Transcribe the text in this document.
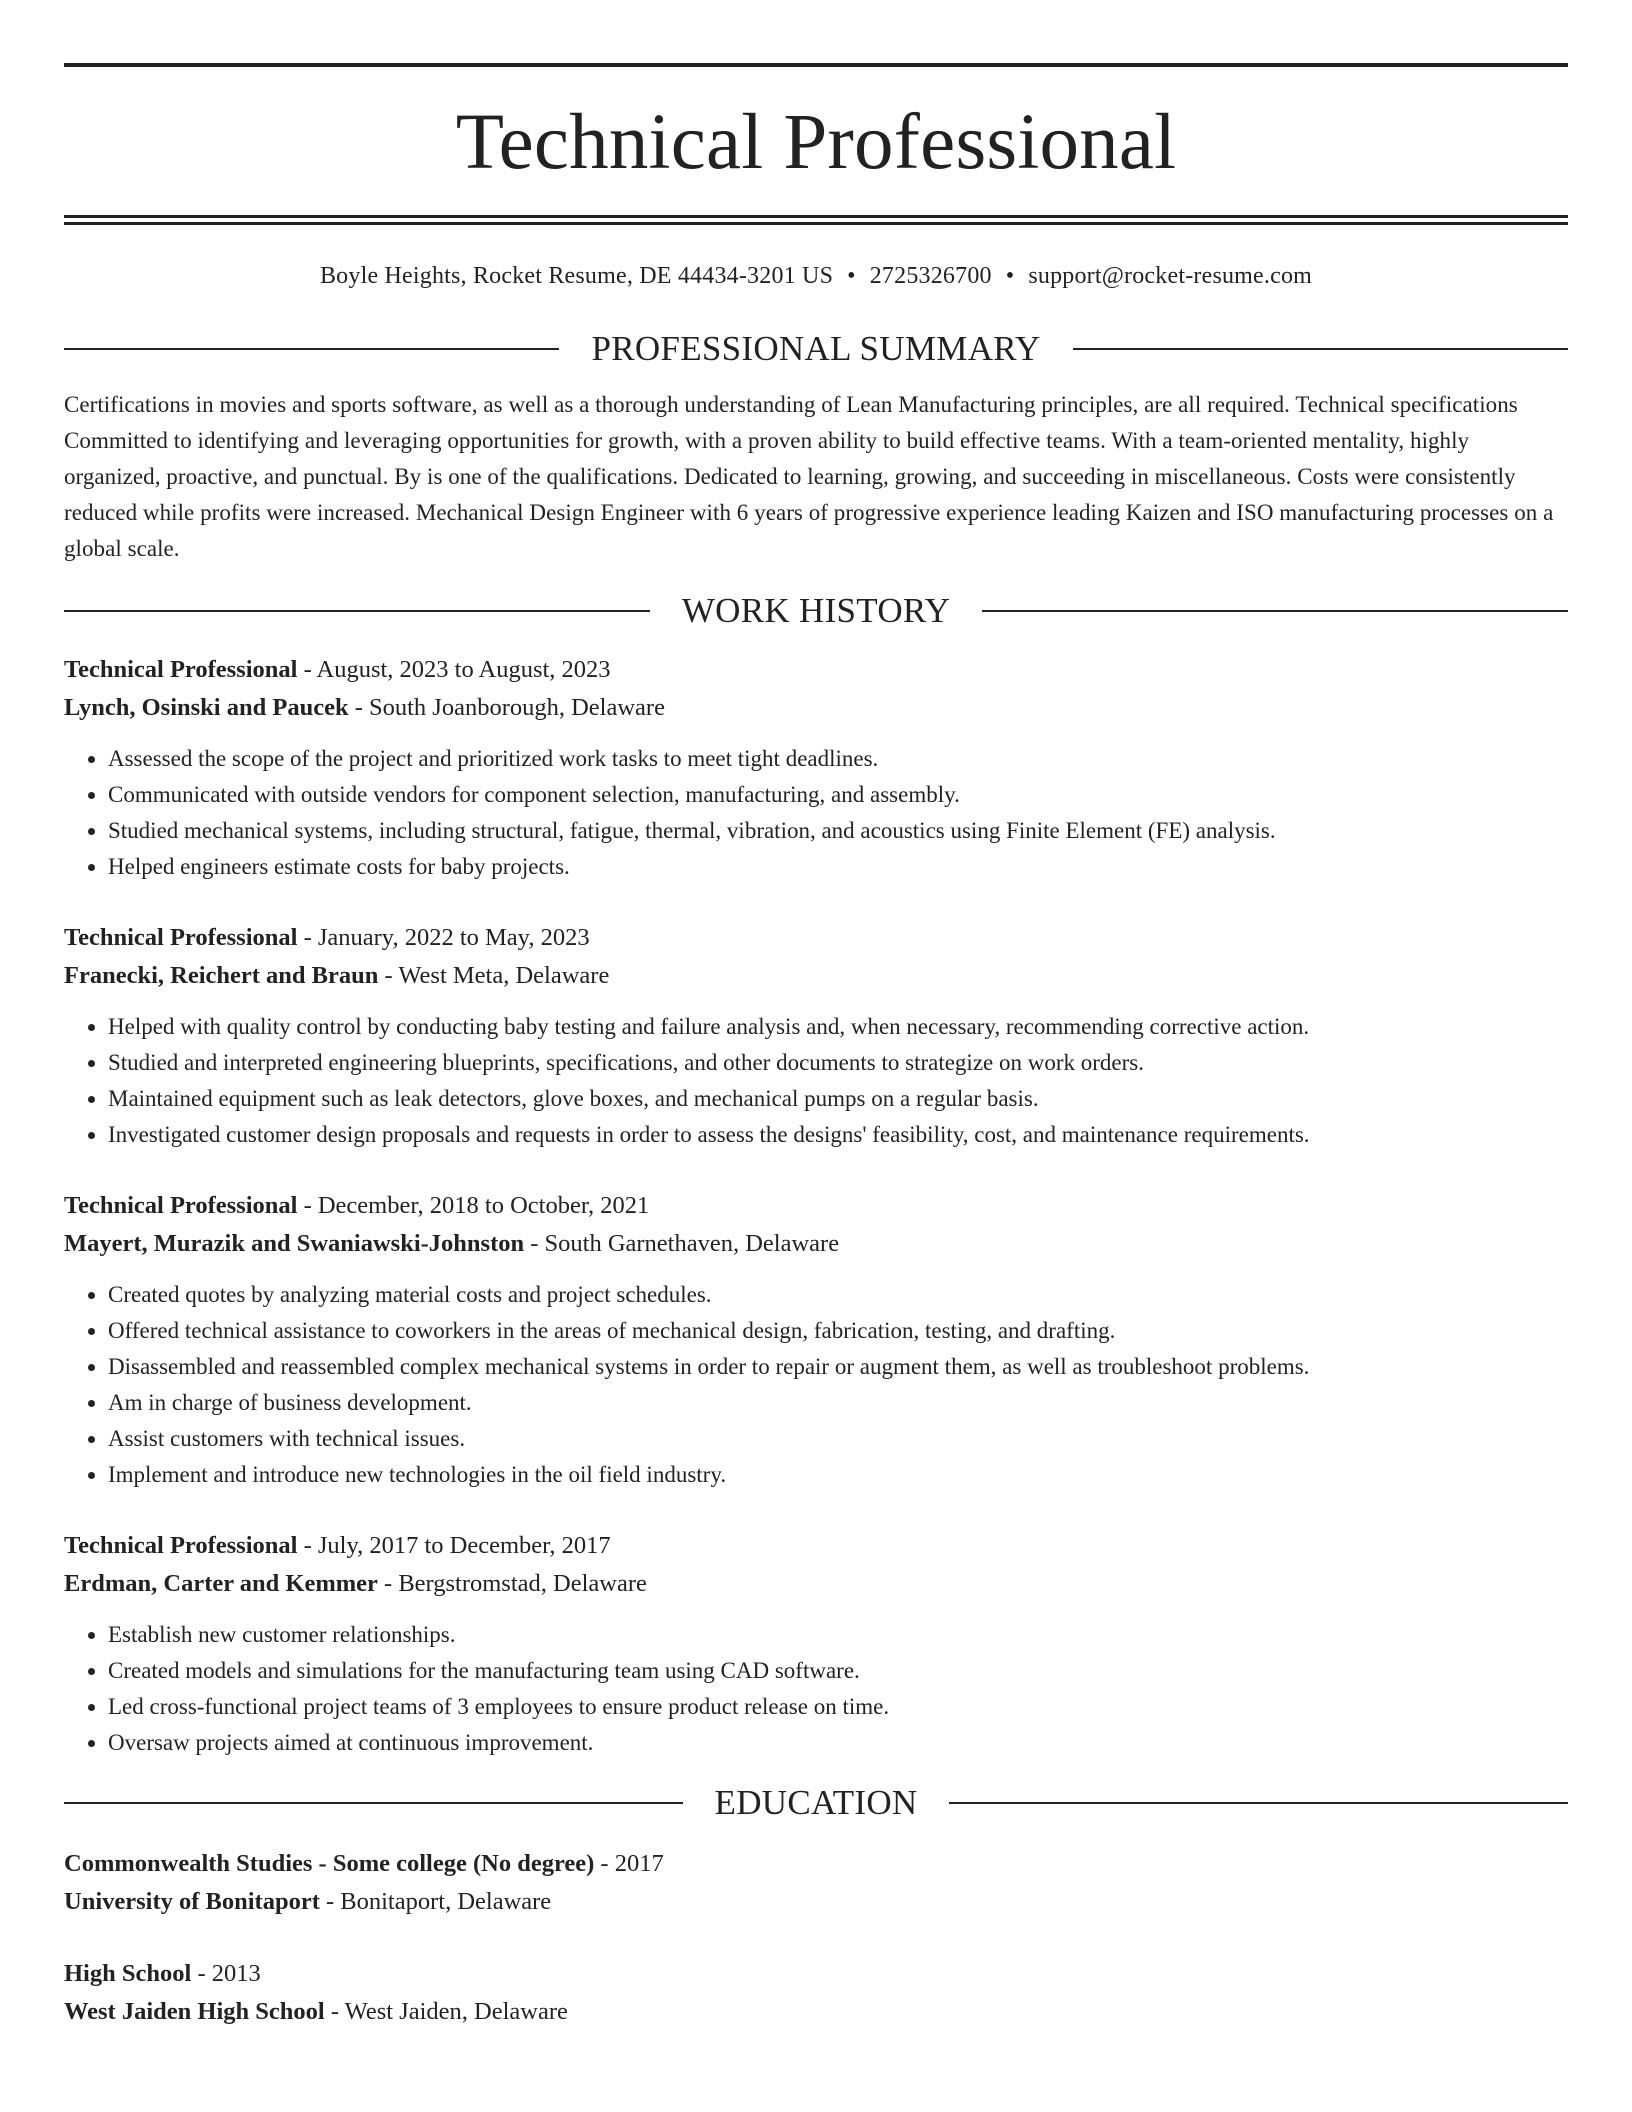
Technical Professional
Boyle Heights, Rocket Resume, DE 44434-3201 US • 2725326700 • support@rocket-resume.com
PROFESSIONAL SUMMARY
Certifications in movies and sports software, as well as a thorough understanding of Lean Manufacturing principles, are all required. Technical specifications Committed to identifying and leveraging opportunities for growth, with a proven ability to build effective teams. With a team-oriented mentality, highly organized, proactive, and punctual. By is one of the qualifications. Dedicated to learning, growing, and succeeding in miscellaneous. Costs were consistently reduced while profits were increased. Mechanical Design Engineer with 6 years of progressive experience leading Kaizen and ISO manufacturing processes on a global scale.
WORK HISTORY
Technical Professional - August, 2023 to August, 2023
Lynch, Osinski and Paucek - South Joanborough, Delaware
• Assessed the scope of the project and prioritized work tasks to meet tight deadlines.
• Communicated with outside vendors for component selection, manufacturing, and assembly.
• Studied mechanical systems, including structural, fatigue, thermal, vibration, and acoustics using Finite Element (FE) analysis.
• Helped engineers estimate costs for baby projects.
Technical Professional - January, 2022 to May, 2023
Franecki, Reichert and Braun - West Meta, Delaware
• Helped with quality control by conducting baby testing and failure analysis and, when necessary, recommending corrective action.
• Studied and interpreted engineering blueprints, specifications, and other documents to strategize on work orders.
• Maintained equipment such as leak detectors, glove boxes, and mechanical pumps on a regular basis.
• Investigated customer design proposals and requests in order to assess the designs' feasibility, cost, and maintenance requirements.
Technical Professional - December, 2018 to October, 2021
Mayert, Murazik and Swaniawski-Johnston - South Garnethaven, Delaware
• Created quotes by analyzing material costs and project schedules.
• Offered technical assistance to coworkers in the areas of mechanical design, fabrication, testing, and drafting.
• Disassembled and reassembled complex mechanical systems in order to repair or augment them, as well as troubleshoot problems.
• Am in charge of business development.
• Assist customers with technical issues.
• Implement and introduce new technologies in the oil field industry.
Technical Professional - July, 2017 to December, 2017
Erdman, Carter and Kemmer - Bergstromstad, Delaware
• Establish new customer relationships.
• Created models and simulations for the manufacturing team using CAD software.
• Led cross-functional project teams of 3 employees to ensure product release on time.
• Oversaw projects aimed at continuous improvement.
EDUCATION
Commonwealth Studies - Some college (No degree) - 2017
University of Bonitaport - Bonitaport, Delaware
High School - 2013
West Jaiden High School - West Jaiden, Delaware
